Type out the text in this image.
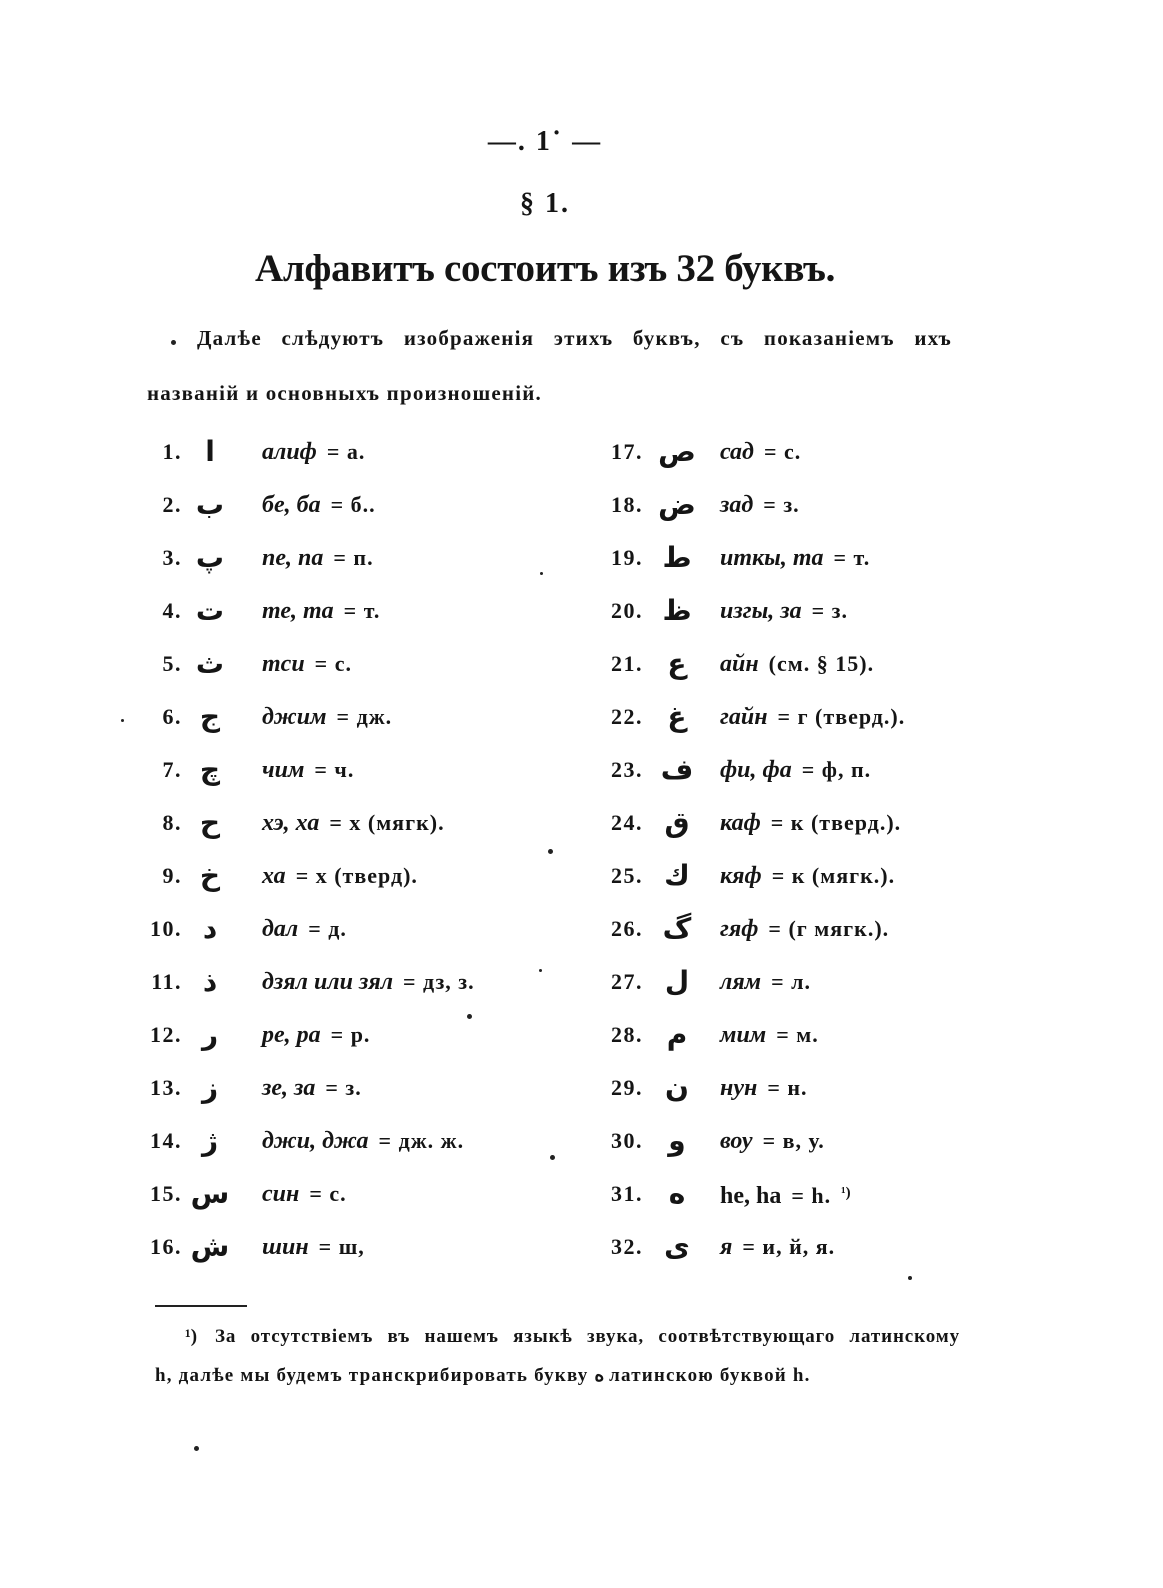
—. 1˙ —
§ 1.
Алфавитъ состоитъ изъ 32 буквъ.
Далѣе слѣдуютъ изображенія этихъ буквъ, съ показаніемъ ихъ
названій и основныхъ произношеній.
1. ا	алиф = а.
2. ب	бе, ба = б..
3. پ	пе, па = п.
4. ت	те, та = т.
5. ث	тси = с.
6. ج	джим = дж.
7. چ	чим = ч.
8. ح	хэ, ха = х (мягк).
9. خ	ха = х (тверд).
10. د	дал = д.
11. ذ	дзял или зял = дз, з.
12. ر	ре, ра = р.
13. ز	зе, за = з.
14. ژ	джи, джа = дж. ж.
15. س син = с.
16. ش шин = ш,
17. ص сад = с.
18. ض зад = з.
19. ط	иткы, та = т.
20. ظ	изгы, за = з.
21. ع	айн (см. § 15).
22. غ	гайн = г (тверд.).
23. ف	фи, фа = ф, п.
24. ق	каф = к (тверд.).
25. ك	кяф = к (мягк.).
26. گ	гяф = (г мягк.).
27. ل	лям = л.
28. م	мим = м.
29. ن	нун = н.
30. و	воу = в, у.
31. ه	he, ha = h. ¹)
32. ی	я = и, й, я.
¹) За отсутствіемъ въ нашемъ языкѣ звука, соотвѣтствующаго латинскому
h, далѣе мы будемъ транскрибировать букву ه латинскою буквой h.
